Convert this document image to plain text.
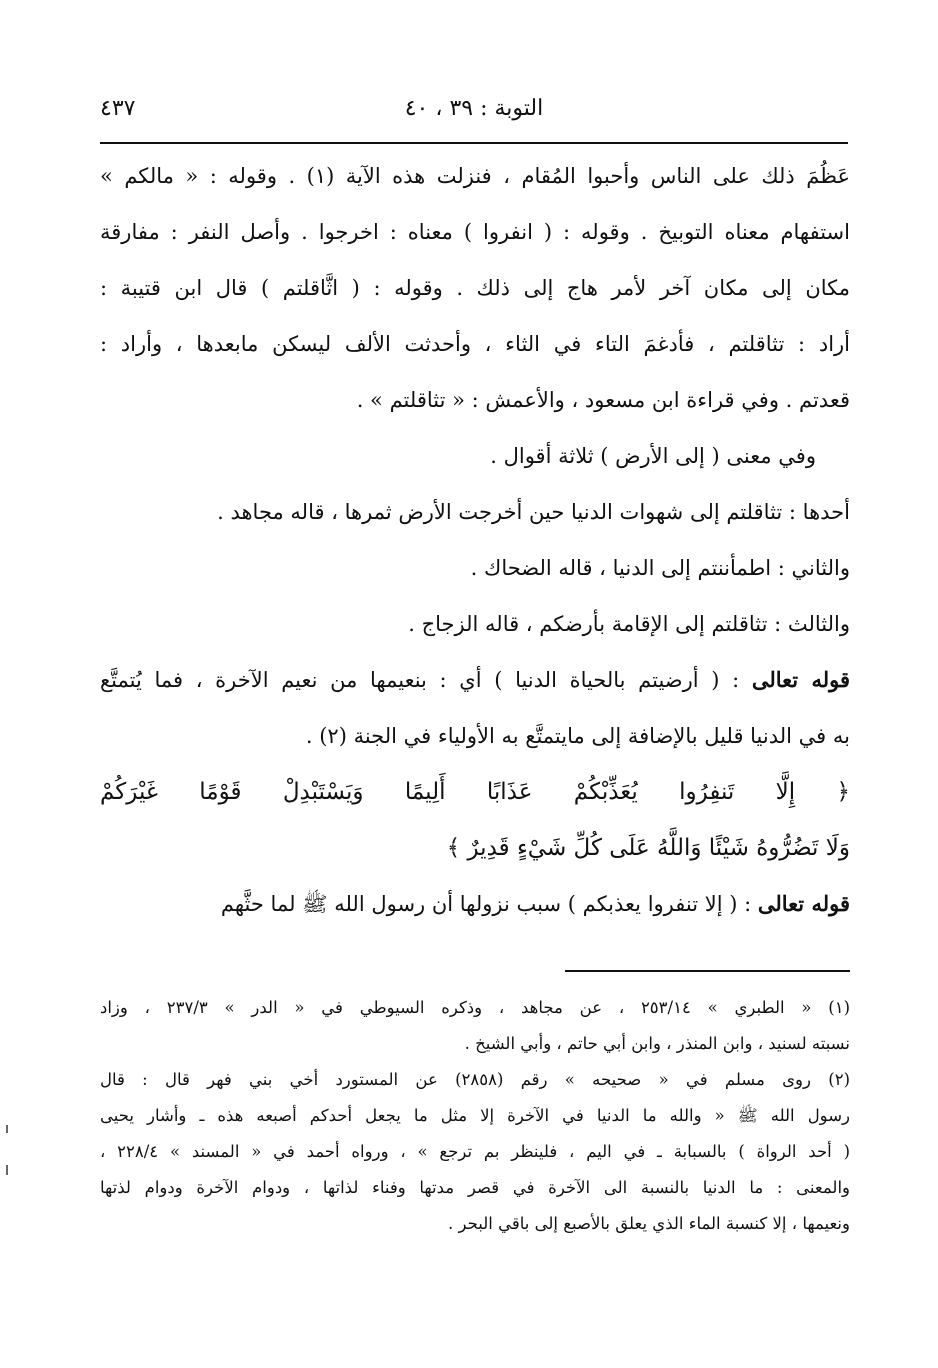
التوبة : ٣٩ ، ٤٠
٤٣٧
عَظُمَ ذلك على الناس وأحبوا المُقام ، فنزلت هذه الآية (١) . وقوله : « مالكم »
استفهام معناه التوبيخ . وقوله : ( انفروا ) معناه : اخرجوا . وأصل النفر : مفارقة
مكان إلى مكان آخر لأمر هاج إلى ذلك . وقوله : ( اثَّاقلتم ) قال ابن قتيبة :
أراد : تثاقلتم ، فأدغمَ التاء في الثاء ، وأحدثت الألف ليسكن مابعدها ، وأراد :
قعدتم . وفي قراءة ابن مسعود ، والأعمش : « تثاقلتم » .
وفي معنى ( إلى الأرض ) ثلاثة أقوال .
أحدها : تثاقلتم إلى شهوات الدنيا حين أخرجت الأرض ثمرها ، قاله مجاهد .
والثاني : اطمأننتم إلى الدنيا ، قاله الضحاك .
والثالث : تثاقلتم إلى الإقامة بأرضكم ، قاله الزجاج .
قوله تعالى : ( أرضيتم بالحياة الدنيا ) أي : بنعيمها من نعيم الآخرة ، فما يُتمتَّع
به في الدنيا قليل بالإضافة إلى مايتمتَّع به الأولياء في الجنة (٢) .
﴿ إِلَّا تَنفِرُوا يُعَذِّبْكُمْ عَذَابًا أَلِيمًا وَيَسْتَبْدِلْ قَوْمًا غَيْرَكُمْ
وَلَا تَضُرُّوهُ شَيْئًا وَاللَّهُ عَلَى كُلِّ شَيْءٍ قَدِيرٌ ﴾
قوله تعالى : ( إلا تنفروا يعذبكم ) سبب نزولها أن رسول الله ﷺ لما حثَّهم
(١) « الطبري » ٢٥٣/١٤ ، عن مجاهد ، وذكره السيوطي في « الدر » ٢٣٧/٣ ، وزاد
نسبته لسنيد ، وابن المنذر ، وابن أبي حاتم ، وأبي الشيخ .
(٢) روى مسلم في « صحيحه » رقم (٢٨٥٨) عن المستورد أخي بني فهر قال : قال
رسول الله ﷺ « والله ما الدنيا في الآخرة إلا مثل ما يجعل أحدكم أصبعه هذه ـ وأشار يحيى
( أحد الرواة ) بالسبابة ـ في اليم ، فلينظر بم ترجع » ، ورواه أحمد في « المسند » ٢٢٨/٤ ،
والمعنى : ما الدنيا بالنسبة الى الآخرة في قصر مدتها وفناء لذاتها ، ودوام الآخرة ودوام لذتها
ونعيمها ، إلا كنسبة الماء الذي يعلق بالأصبع إلى باقي البحر .
